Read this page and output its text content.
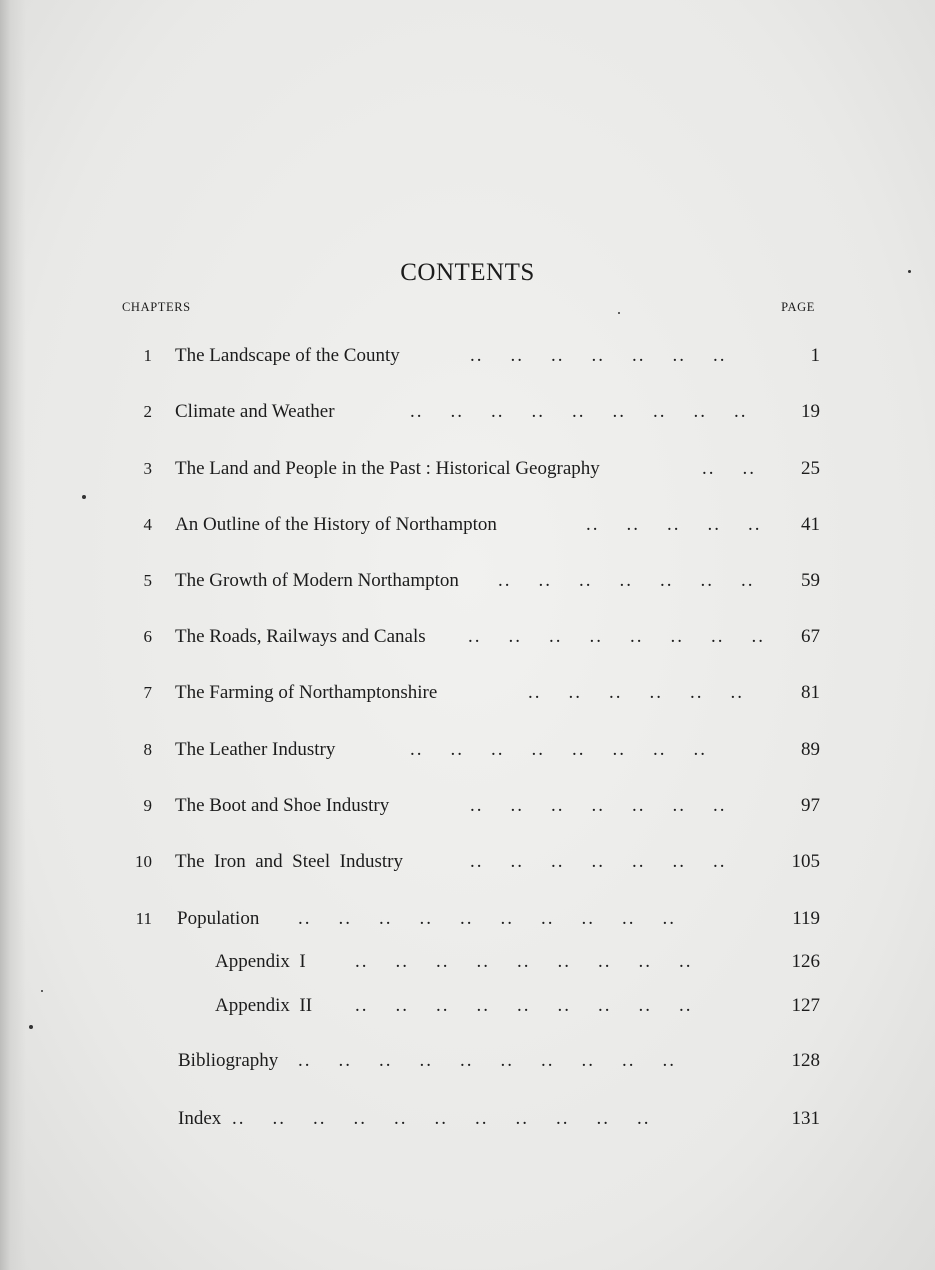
CONTENTS
CHAPTERS	PAGE
1 The Landscape of the County	..    ..    ..    ..    ..    ..    ..	1
2 Climate and Weather	..    ..    ..    ..    ..    ..    ..    ..    ..	19
3 The Land and People in the Past : Historical Geography	..    .. 25
4 An Outline of the History of Northampton	..    ..    ..    ..    .. 41
5 The Growth of Modern Northampton ..    ..    ..    ..    ..    ..    .. 59
6 The Roads, Railways and Canals ..    ..    ..    ..    ..    ..    ..    .. 67
7 The Farming of Northamptonshire	..    ..    ..    ..    ..    ..	81
8 The Leather Industry	..    ..    ..    ..    ..    ..    ..    ..	89
9 The Boot and Shoe Industry	..    ..    ..    ..    ..    ..    ..	97
10 The  Iron  and  Steel  Industry	..    ..    ..    ..    ..    ..    ..	105
11 Population ..    ..    ..    ..    ..    ..    ..    ..    ..    ..	119
Appendix  I	..    ..    ..    ..    ..    ..    ..    ..    ..	126
Appendix  II ..    ..    ..    ..    ..    ..    ..    ..    ..	127
Bibliography ..    ..    ..    ..    ..    ..    ..    ..    ..    ..	128
Index ..    ..    ..    ..    ..    ..    ..    ..    ..    ..    ..	131
